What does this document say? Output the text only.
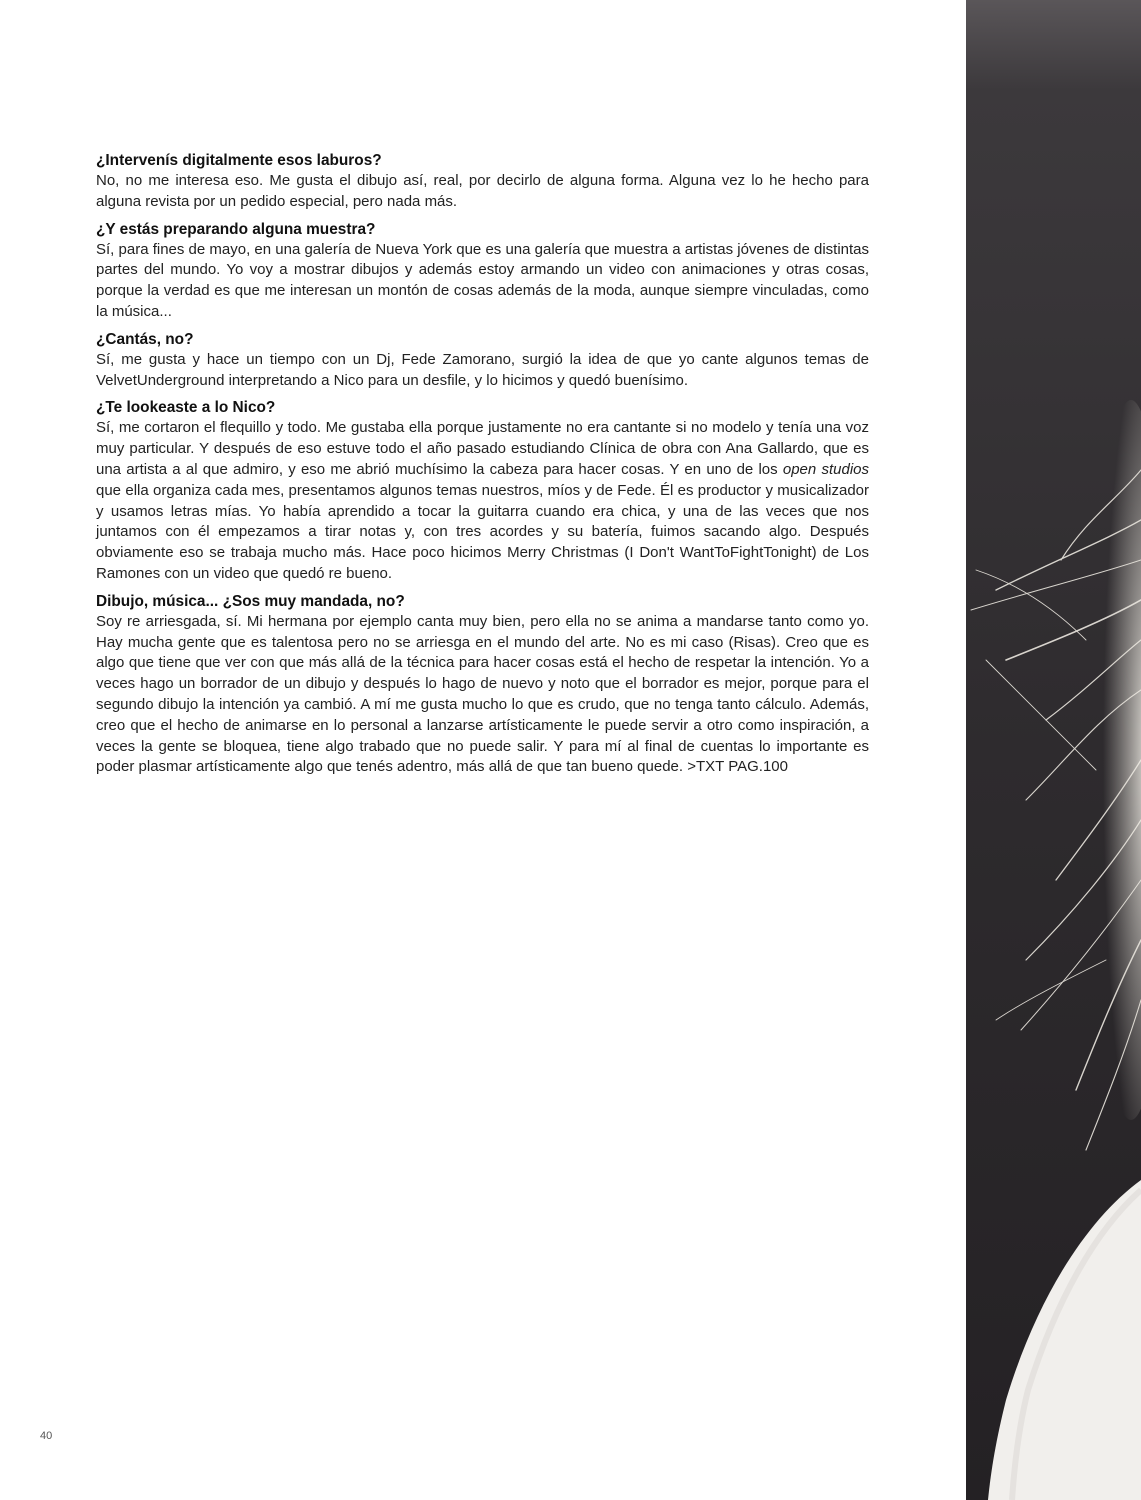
¿Intervenís digitalmente esos laburos?

No, no me interesa eso. Me gusta el dibujo así, real, por decirlo de alguna forma. Alguna vez lo he hecho para alguna revista por un pedido especial, pero nada más.

¿Y estás preparando alguna muestra?

Sí, para fines de mayo, en una galería de Nueva York que es una galería que muestra a artistas jóvenes de distintas partes del mundo. Yo voy a mostrar dibujos y además estoy armando un video con animaciones y otras cosas, porque la verdad es que me interesan un montón de cosas además de la moda, aunque siempre vinculadas, como la música...

¿Cantás, no?

Sí, me gusta y hace un tiempo con un Dj, Fede Zamorano, surgió la idea de que yo cante algunos temas de VelvetUnderground interpretando a Nico para un desfile, y lo hicimos y quedó buenísimo.

¿Te lookeaste a lo Nico?

Sí, me cortaron el flequillo y todo. Me gustaba ella porque justamente no era cantante si no modelo y tenía una voz muy particular. Y después de eso estuve todo el año pasado estudiando Clínica de obra con Ana Gallardo, que es una artista a al que admiro, y eso me abrió muchísimo la cabeza para hacer cosas. Y en uno de los open studios que ella organiza cada mes, presentamos algunos temas nuestros, míos y de Fede. Él es productor y musicalizador y usamos letras mías. Yo había aprendido a tocar la guitarra cuando era chica, y una de las veces que nos juntamos con él empezamos a tirar notas y, con tres acordes y su batería, fuimos sacando algo. Después obviamente eso se trabaja mucho más. Hace poco hicimos Merry Christmas (I Don't WantToFightTonight) de Los Ramones con un video que quedó re bueno.

Dibujo, música... ¿Sos muy mandada, no?

Soy re arriesgada, sí. Mi hermana por ejemplo canta muy bien, pero ella no se anima a mandarse tanto como yo. Hay mucha gente que es talentosa pero no se arriesga en el mundo del arte. No es mi caso (Risas). Creo que es algo que tiene que ver con que más allá de la técnica para hacer cosas está el hecho de respetar la intención. Yo a veces hago un borrador de un dibujo y después lo hago de nuevo y noto que el borrador es mejor, porque para el segundo dibujo la intención ya cambió. A mí me gusta mucho lo que es crudo, que no tenga tanto cálculo. Además, creo que el hecho de animarse en lo personal a lanzarse artísticamente le puede servir a otro como inspiración, a veces la gente se bloquea, tiene algo trabado que no puede salir. Y para mí al final de cuentas lo importante es poder plasmar artísticamente algo que tenés adentro, más allá de que tan bueno quede. >TXT PAG.100

40
